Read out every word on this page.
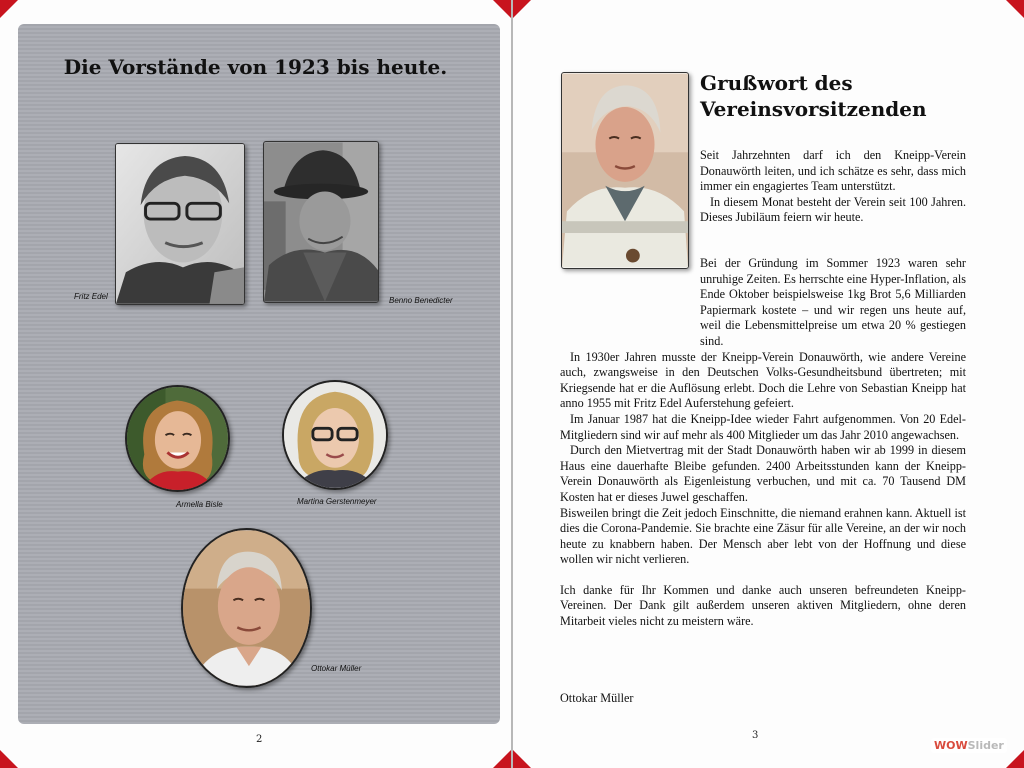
Die Vorstände von 1923 bis heute.
Fritz Edel	Benno Benedicter
Armella Bisle	Martina Gerstenmeyer
Ottokar Müller
2
Grußwort des
Vereinsvorsitzenden

Seit Jahrzehnten darf ich den Kneipp-Verein Donauwörth leiten, und ich schätze es sehr, dass mich immer ein engagiertes Team unterstützt.

In diesem Monat besteht der Verein seit 100 Jahren. Dieses Jubiläum feiern wir heute.

Bei der Gründung im Sommer 1923 waren sehr unruhige Zeiten. Es herrschte eine Hyper-Inflation, als Ende Oktober beispielsweise 1kg Brot 5,6 Milliarden Papiermark kostete – und wir regen uns heute auf, weil die Lebensmittelpreise um etwa 20 % gestiegen sind.

In 1930er Jahren musste der Kneipp-Verein Donauwörth, wie andere Vereine auch, zwangsweise in den Deutschen Volks-Gesundheitsbund übertreten; mit Kriegsende hat er die Auflösung erlebt. Doch die Lehre von Sebastian Kneipp hat anno 1955 mit Fritz Edel Auferstehung gefeiert.

Im Januar 1987 hat die Kneipp-Idee wieder Fahrt aufgenommen. Von 20 Edel-Mitgliedern sind wir auf mehr als 400 Mitglieder um das Jahr 2010 angewachsen.

Durch den Mietvertrag mit der Stadt Donauwörth haben wir ab 1999 in diesem Haus eine dauerhafte Bleibe gefunden. 2400 Arbeitsstunden kann der Kneipp-Verein Donauwörth als Eigenleistung verbuchen, und mit ca. 70 Tausend DM Kosten hat er dieses Juwel geschaffen.

Bisweilen bringt die Zeit jedoch Einschnitte, die niemand erahnen kann. Aktuell ist dies die Corona-Pandemie. Sie brachte eine Zäsur für alle Vereine, an der wir noch heute zu knabbern haben. Der Mensch aber lebt von der Hoffnung und diese wollen wir nicht verlieren.

Ich danke für Ihr Kommen und danke auch unseren befreundeten Kneipp-Vereinen. Der Dank gilt außerdem unseren aktiven Mitgliedern, ohne deren Mitarbeit vieles nicht zu meistern wäre.

Ottokar Müller
3
WOWSlider
